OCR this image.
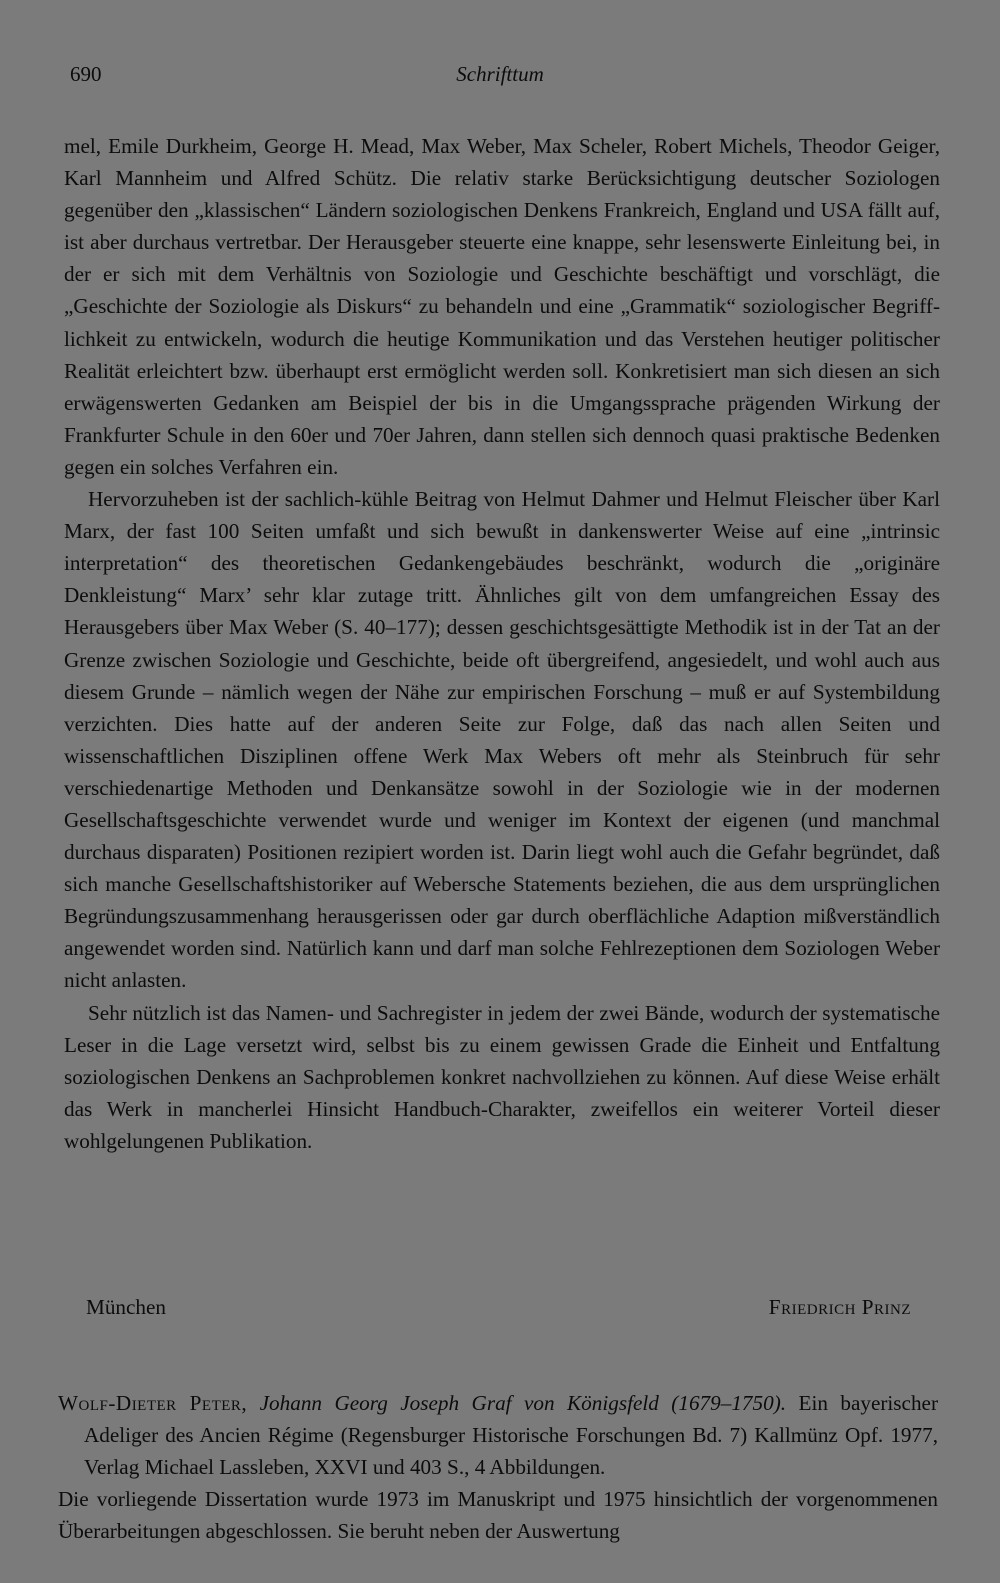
690	Schrifttum

mel, Emile Durkheim, George H. Mead, Max Weber, Max Scheler, Robert Michels, Theodor Geiger, Karl Mannheim und Alfred Schütz. Die relativ starke Berücksichtigung deutscher Soziologen gegenüber den „klassischen“ Ländern soziologischen Denkens Frankreich, England und USA fällt auf, ist aber durchaus vertretbar. Der Herausgeber steuerte eine knappe, sehr lesenswerte Einleitung bei, in der er sich mit dem Verhältnis von Soziologie und Geschichte beschäftigt und vorschlägt, die „Geschichte der Soziologie als Diskurs“ zu behandeln und eine „Grammatik“ soziologischer Begrifflichkeit zu entwickeln, wodurch die heutige Kommunikation und das Verstehen heutiger politischer Realität erleichtert bzw. überhaupt erst ermöglicht werden soll. Konkretisiert man sich diesen an sich erwägenswerten Gedanken am Beispiel der bis in die Umgangssprache prägenden Wirkung der Frankfurter Schule in den 60er und 70er Jahren, dann stellen sich dennoch quasi praktische Bedenken gegen ein solches Verfahren ein.

Hervorzuheben ist der sachlich-kühle Beitrag von Helmut Dahmer und Helmut Fleischer über Karl Marx, der fast 100 Seiten umfaßt und sich bewußt in dankenswerter Weise auf eine „intrinsic interpretation“ des theoretischen Gedankengebäudes beschränkt, wodurch die „originäre Denkleistung“ Marx’ sehr klar zutage tritt. Ähnliches gilt von dem umfangreichen Essay des Herausgebers über Max Weber (S. 40–177); dessen geschichtsgesättigte Methodik ist in der Tat an der Grenze zwischen Soziologie und Geschichte, beide oft übergreifend, angesiedelt, und wohl auch aus diesem Grunde – nämlich wegen der Nähe zur empirischen Forschung – muß er auf Systembildung verzichten. Dies hatte auf der anderen Seite zur Folge, daß das nach allen Seiten und wissenschaftlichen Disziplinen offene Werk Max Webers oft mehr als Steinbruch für sehr verschiedenartige Methoden und Denkansätze sowohl in der Soziologie wie in der modernen Gesellschaftsgeschichte verwendet wurde und weniger im Kontext der eigenen (und manchmal durchaus disparaten) Positionen rezipiert worden ist. Darin liegt wohl auch die Gefahr begründet, daß sich manche Gesellschaftshistoriker auf Webersche Statements beziehen, die aus dem ursprünglichen Begründungszusammenhang herausgerissen oder gar durch oberflächliche Adaption mißverständlich angewendet worden sind. Natürlich kann und darf man solche Fehlrezeptionen dem Soziologen Weber nicht anlasten.

Sehr nützlich ist das Namen- und Sachregister in jedem der zwei Bände, wodurch der systematische Leser in die Lage versetzt wird, selbst bis zu einem gewissen Grade die Einheit und Entfaltung soziologischen Denkens an Sachproblemen konkret nachvollziehen zu können. Auf diese Weise erhält das Werk in mancherlei Hinsicht Handbuch-Charakter, zweifellos ein weiterer Vorteil dieser wohlgelungenen Publikation.

München	Friedrich Prinz

Wolf-Dieter Peter, Johann Georg Joseph Graf von Königsfeld (1679–1750). Ein bayerischer Adeliger des Ancien Régime (Regensburger Historische Forschungen Bd. 7) Kallmünz Opf. 1977, Verlag Michael Lassleben, XXVI und 403 S., 4 Abbildungen.

Die vorliegende Dissertation wurde 1973 im Manuskript und 1975 hinsichtlich der vorgenommenen Überarbeitungen abgeschlossen. Sie beruht neben der Auswertung
